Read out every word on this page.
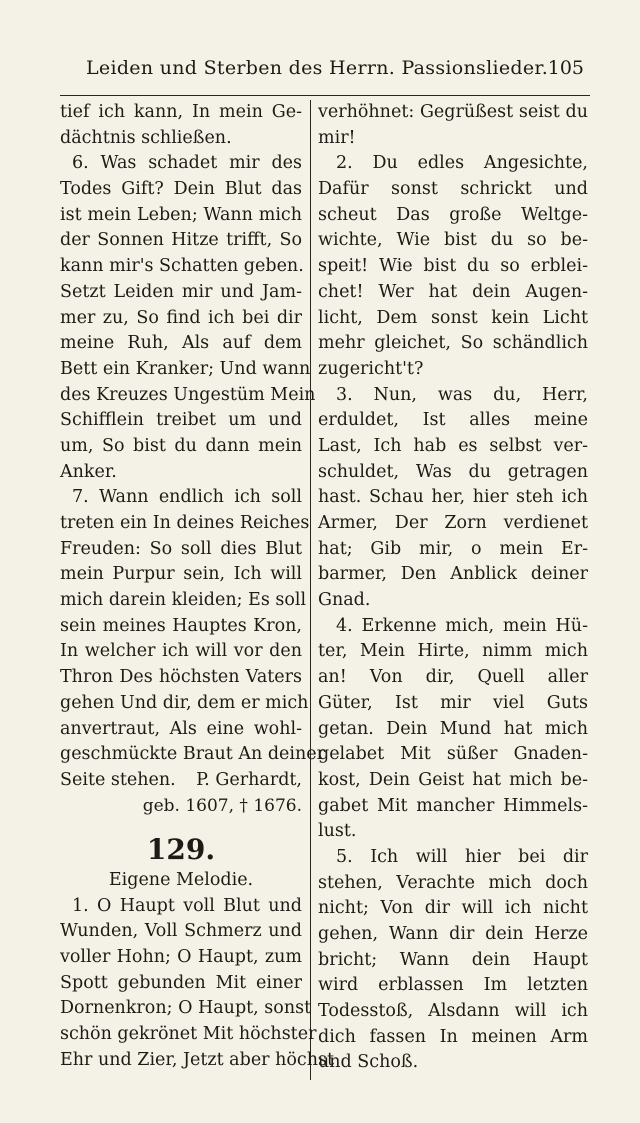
Leiden und Sterben des Herrn. Passionslieder. 105
tief ich kann, In mein Ge-
dächtnis schließen.
6. Was schadet mir des
Todes Gift? Dein Blut das
ist mein Leben; Wann mich
der Sonnen Hitze trifft, So
kann mir's Schatten geben.
Setzt Leiden mir und Jam-
mer zu, So find ich bei dir
meine Ruh, Als auf dem
Bett ein Kranker; Und wann
des Kreuzes Ungestüm Mein
Schifflein treibet um und
um, So bist du dann mein
Anker.
7. Wann endlich ich soll
treten ein In deines Reiches
Freuden: So soll dies Blut
mein Purpur sein, Ich will
mich darein kleiden; Es soll
sein meines Hauptes Kron,
In welcher ich will vor den
Thron Des höchsten Vaters
gehen Und dir, dem er mich
anvertraut, Als eine wohl-
geschmückte Braut An deiner
Seite stehen.	P. Gerhardt,
geb. 1607, † 1676.
129.
Eigene Melodie.
1. O Haupt voll Blut und
Wunden, Voll Schmerz und
voller Hohn; O Haupt, zum
Spott gebunden Mit einer
Dornenkron; O Haupt, sonst
schön gekrönet Mit höchster
Ehr und Zier, Jetzt aber höchst
verhöhnet: Gegrüßest seist du
mir!
2. Du edles Angesichte,
Dafür sonst schrickt und
scheut Das große Weltge-
wichte, Wie bist du so be-
speit! Wie bist du so erblei-
chet! Wer hat dein Augen-
licht, Dem sonst kein Licht
mehr gleichet, So schändlich
zugericht't?
3. Nun, was du, Herr,
erduldet, Ist alles meine
Last, Ich hab es selbst ver-
schuldet, Was du getragen
hast. Schau her, hier steh ich
Armer, Der Zorn verdienet
hat; Gib mir, o mein Er-
barmer, Den Anblick deiner
Gnad.
4. Erkenne mich, mein Hü-
ter, Mein Hirte, nimm mich
an! Von dir, Quell aller
Güter, Ist mir viel Guts
getan. Dein Mund hat mich
gelabet Mit süßer Gnaden-
kost, Dein Geist hat mich be-
gabet Mit mancher Himmels-
lust.
5. Ich will hier bei dir
stehen, Verachte mich doch
nicht; Von dir will ich nicht
gehen, Wann dir dein Herze
bricht; Wann dein Haupt
wird erblassen Im letzten
Todesstoß, Alsdann will ich
dich fassen In meinen Arm
und Schoß.
